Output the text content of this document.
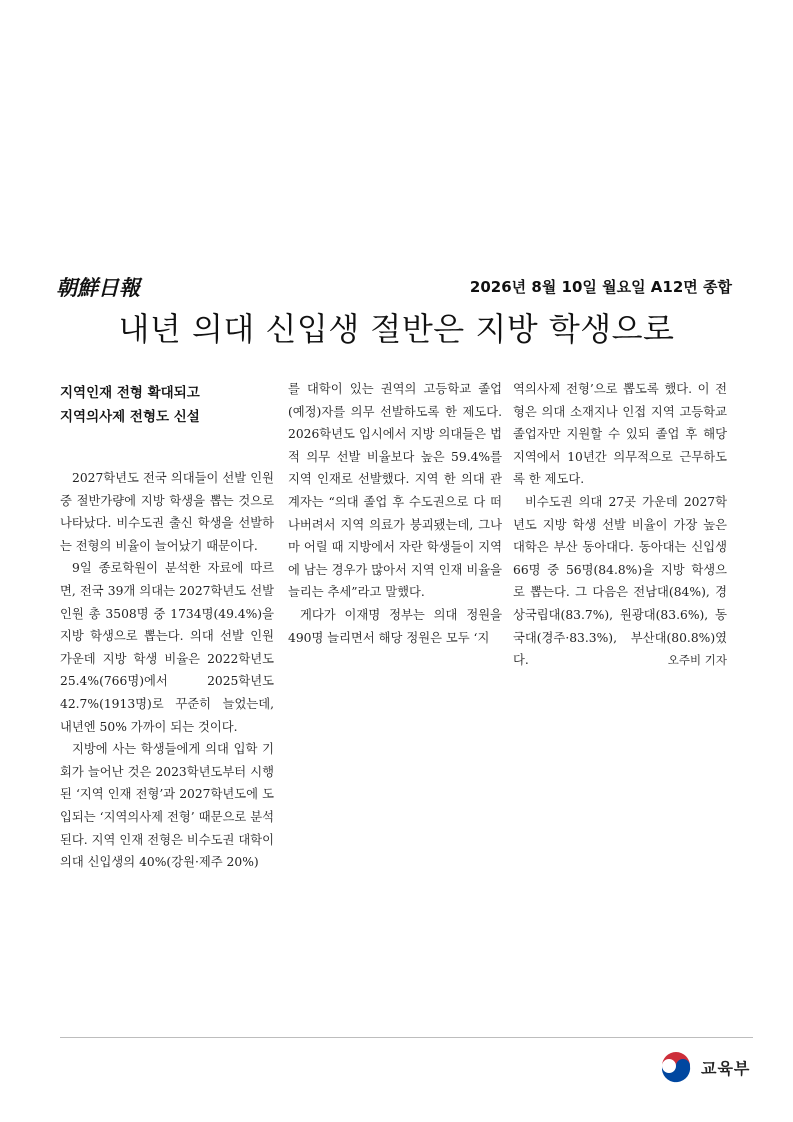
朝鮮日報	2026년 8월 10일 월요일 A12면 종합
내년 의대 신입생 절반은 지방 학생으로

지역인재 전형 확대되고

지역의사제 전형도 신설

2027학년도 전국 의대들이 선발 인원 중 절반가량에 지방 학생을 뽑는 것으로 나타났다. 비수도권 출신 학생을 선발하는 전형의 비율이 늘어났기 때문이다.

9일 종로학원이 분석한 자료에 따르면, 전국 39개 의대는 2027학년도 선발 인원 총 3508명 중 1734명(49.4%)을 지방 학생으로 뽑는다. 의대 선발 인원 가운데 지방 학생 비율은 2022학년도 25.4%(766명)에서 2025학년도 42.7%(1913명)로 꾸준히 늘었는데, 내년엔 50% 가까이 되는 것이다.

지방에 사는 학생들에게 의대 입학 기회가 늘어난 것은 2023학년도부터 시행된 ‘지역 인재 전형’과 2027학년도에 도입되는 ‘지역의사제 전형’ 때문으로 분석된다. 지역 인재 전형은 비수도권 대학이 의대 신입생의 40%(강원·제주 20%)

를 대학이 있는 권역의 고등학교 졸업(예정)자를 의무 선발하도록 한 제도다. 2026학년도 입시에서 지방 의대들은 법적 의무 선발 비율보다 높은 59.4%를 지역 인재로 선발했다. 지역 한 의대 관계자는 “의대 졸업 후 수도권으로 다 떠나버려서 지역 의료가 붕괴됐는데, 그나마 어릴 때 지방에서 자란 학생들이 지역에 남는 경우가 많아서 지역 인재 비율을 늘리는 추세”라고 말했다.

게다가 이재명 정부는 의대 정원을 490명 늘리면서 해당 정원은 모두 ‘지

역의사제 전형’으로 뽑도록 했다. 이 전형은 의대 소재지나 인접 지역 고등학교 졸업자만 지원할 수 있되 졸업 후 해당 지역에서 10년간 의무적으로 근무하도록 한 제도다.

비수도권 의대 27곳 가운데 2027학년도 지방 학생 선발 비율이 가장 높은 대학은 부산 동아대다. 동아대는 신입생 66명 중 56명(84.8%)을 지방 학생으로 뽑는다. 그 다음은 전남대(84%), 경상국립대(83.7%), 원광대(83.6%), 동국대(경주·83.3%), 부산대(80.8%)였다.	오주비 기자
교육부
